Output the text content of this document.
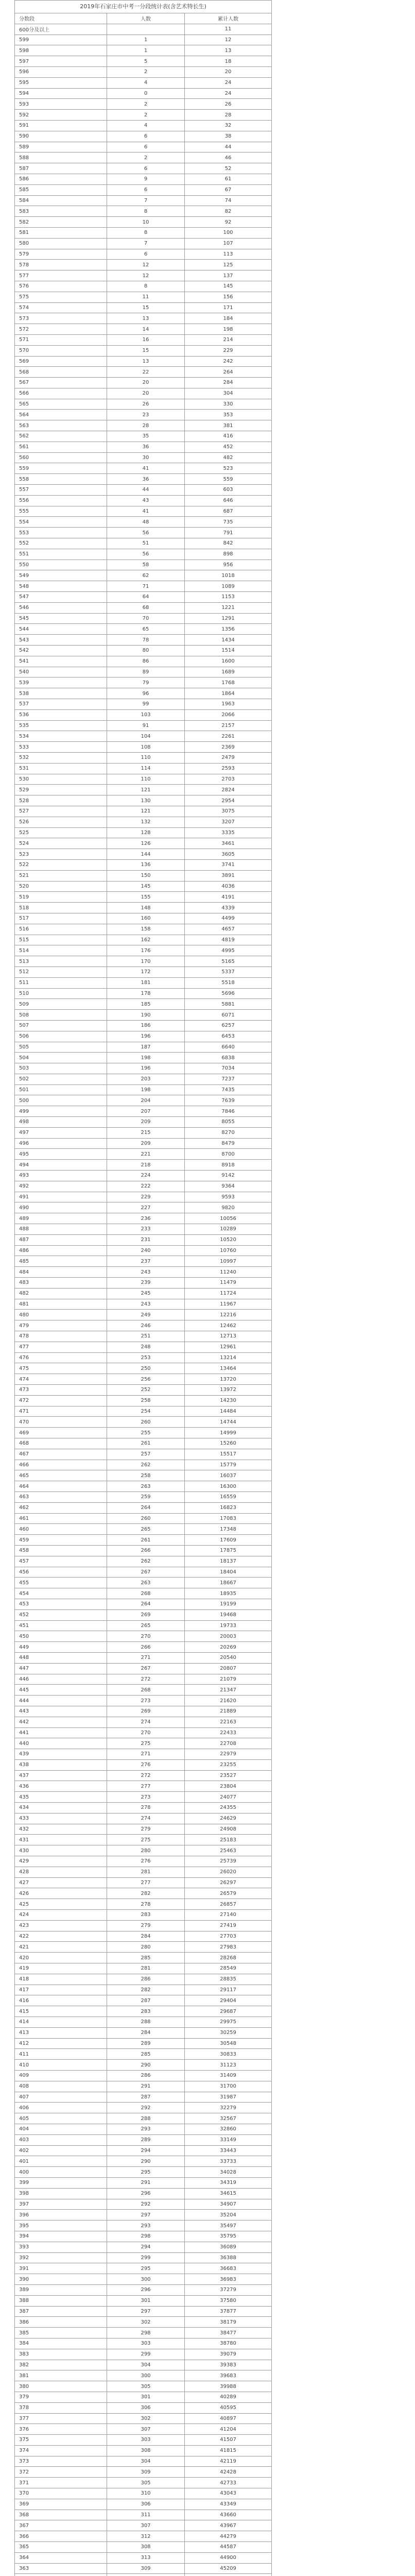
2019年石家庄市中考一分段统计表(含艺术特长生)
分数段	人数	累计人数
600分及以上		11
599	1	12
598	1	13
597	5	18
596	2	20
595	4	24
594	0	24
593	2	26
592	2	28
591	4	32
590	6	38
589	6	44
588	2	46
587	6	52
586	9	61
585	6	67
584	7	74
583	8	82
582	10	92
581	8	100
580	7	107
579	6	113
578	12	125
577	12	137
576	8	145
575	11	156
574	15	171
573	13	184
572	14	198
571	16	214
570	15	229
569	13	242
568	22	264
567	20	284
566	20	304
565	26	330
564	23	353
563	28	381
562	35	416
561	36	452
560	30	482
559	41	523
558	36	559
557	44	603
556	43	646
555	41	687
554	48	735
553	56	791
552	51	842
551	56	898
550	58	956
549	62	1018
548	71	1089
547	64	1153
546	68	1221
545	70	1291
544	65	1356
543	78	1434
542	80	1514
541	86	1600
540	89	1689
539	79	1768
538	96	1864
537	99	1963
536	103	2066
535	91	2157
534	104	2261
533	108	2369
532	110	2479
531	114	2593
530	110	2703
529	121	2824
528	130	2954
527	121	3075
526	132	3207
525	128	3335
524	126	3461
523	144	3605
522	136	3741
521	150	3891
520	145	4036
519	155	4191
518	148	4339
517	160	4499
516	158	4657
515	162	4819
514	176	4995
513	170	5165
512	172	5337
511	181	5518
510	178	5696
509	185	5881
508	190	6071
507	186	6257
506	196	6453
505	187	6640
504	198	6838
503	196	7034
502	203	7237
501	198	7435
500	204	7639
499	207	7846
498	209	8055
497	215	8270
496	209	8479
495	221	8700
494	218	8918
493	224	9142
492	222	9364
491	229	9593
490	227	9820
489	236	10056
488	233	10289
487	231	10520
486	240	10760
485	237	10997
484	243	11240
483	239	11479
482	245	11724
481	243	11967
480	249	12216
479	246	12462
478	251	12713
477	248	12961
476	253	13214
475	250	13464
474	256	13720
473	252	13972
472	258	14230
471	254	14484
470	260	14744
469	255	14999
468	261	15260
467	257	15517
466	262	15779
465	258	16037
464	263	16300
463	259	16559
462	264	16823
461	260	17083
460	265	17348
459	261	17609
458	266	17875
457	262	18137
456	267	18404
455	263	18667
454	268	18935
453	264	19199
452	269	19468
451	265	19733
450	270	20003
449	266	20269
448	271	20540
447	267	20807
446	272	21079
445	268	21347
444	273	21620
443	269	21889
442	274	22163
441	270	22433
440	275	22708
439	271	22979
438	276	23255
437	272	23527
436	277	23804
435	273	24077
434	278	24355
433	274	24629
432	279	24908
431	275	25183
430	280	25463
429	276	25739
428	281	26020
427	277	26297
426	282	26579
425	278	26857
424	283	27140
423	279	27419
422	284	27703
421	280	27983
420	285	28268
419	281	28549
418	286	28835
417	282	29117
416	287	29404
415	283	29687
414	288	29975
413	284	30259
412	289	30548
411	285	30833
410	290	31123
409	286	31409
408	291	31700
407	287	31987
406	292	32279
405	288	32567
404	293	32860
403	289	33149
402	294	33443
401	290	33733
400	295	34028
399	291	34319
398	296	34615
397	292	34907
396	297	35204
395	293	35497
394	298	35795
393	294	36089
392	299	36388
391	295	36683
390	300	36983
389	296	37279
388	301	37580
387	297	37877
386	302	38179
385	298	38477
384	303	38780
383	299	39079
382	304	39383
381	300	39683
380	305	39988
379	301	40289
378	306	40595
377	302	40897
376	307	41204
375	303	41507
374	308	41815
373	304	42119
372	309	42428
371	305	42733
370	310	43043
369	306	43349
368	311	43660
367	307	43967
366	312	44279
365	308	44587
364	313	44900
363	309	45209
